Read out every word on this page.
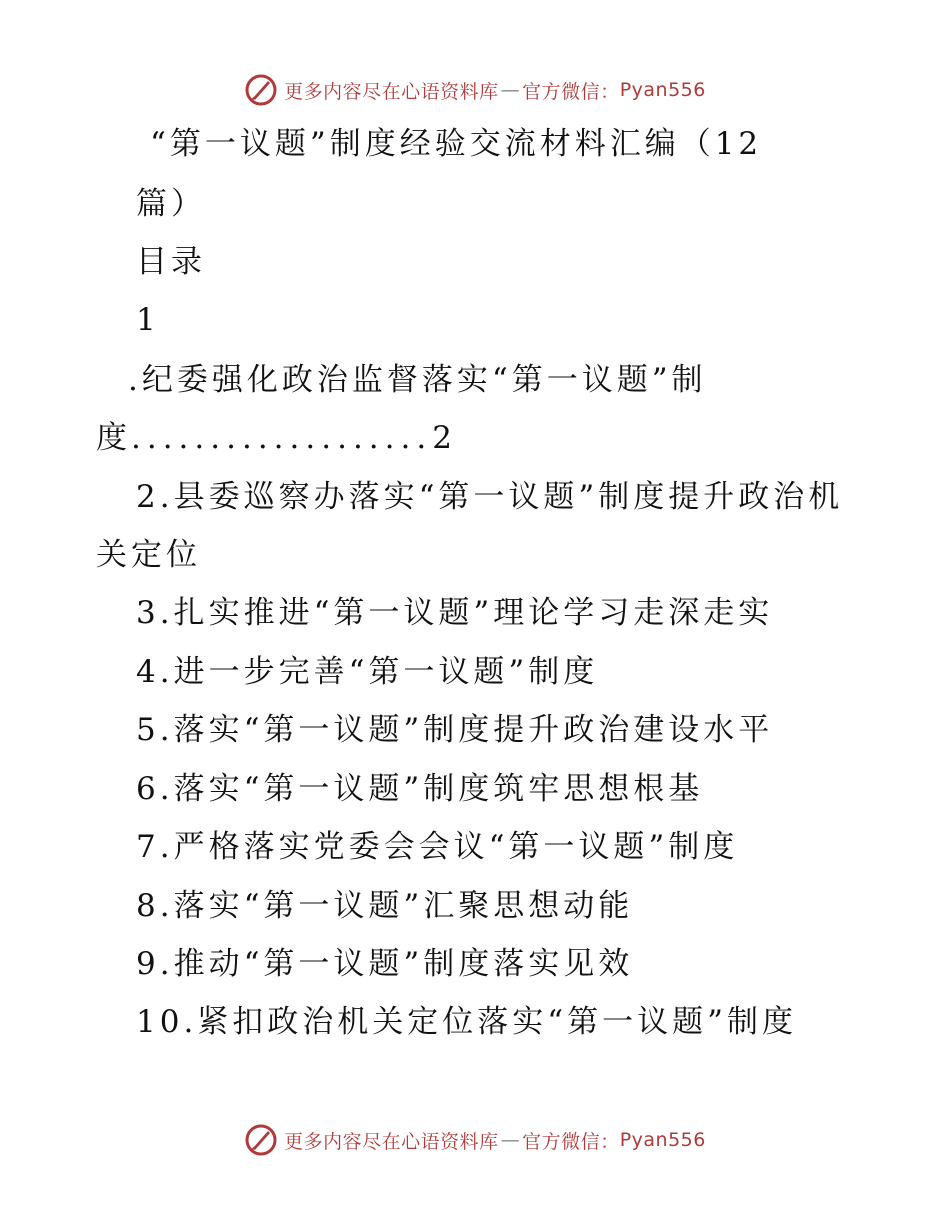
更多内容尽在心语资料库 — 官方微信： Pyan556
“第一议题”制度经验交流材料汇编（12
篇）
目录
1
.纪委强化政治监督落实“第一议题”制
度...................2
2.县委巡察办落实“第一议题”制度提升政治机
关定位
3.扎实推进“第一议题”理论学习走深走实
4.进一步完善“第一议题”制度
5.落实“第一议题”制度提升政治建设水平
6.落实“第一议题”制度筑牢思想根基
7.严格落实党委会会议“第一议题”制度
8.落实“第一议题”汇聚思想动能
9.推动“第一议题”制度落实见效
10.紧扣政治机关定位落实“第一议题”制度
更多内容尽在心语资料库 — 官方微信： Pyan556
